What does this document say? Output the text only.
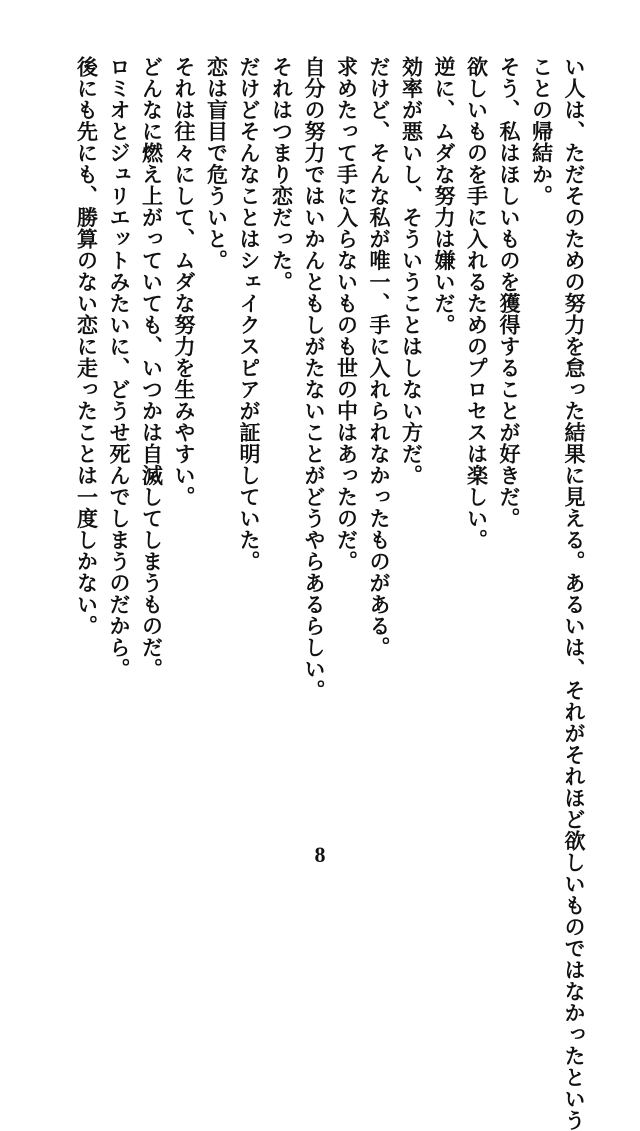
い人は、ただそのための努力を怠った結果に見える。あるいは、それがそれほど欲しいものではなかったという
ことの帰結か。
そう、私はほしいものを獲得することが好きだ。
欲しいものを手に入れるためのプロセスは楽しい。
逆に、ムダな努力は嫌いだ。
効率が悪いし、そういうことはしない方だ。
だけど、そんな私が唯一、手に入れられなかったものがある。
求めたって手に入らないものも世の中はあったのだ。
自分の努力ではいかんともしがたないことがどうやらあるらしい。
それはつまり恋だった。
だけどそんなことはシェイクスピアが証明していた。
恋は盲目で危ういと。
それは往々にして、ムダな努力を生みやすい。
どんなに燃え上がっていても、いつかは自滅してしまうものだ。
ロミオとジュリエットみたいに、どうせ死んでしまうのだから。
後にも先にも、勝算のない恋に走ったことは一度しかない。
8
